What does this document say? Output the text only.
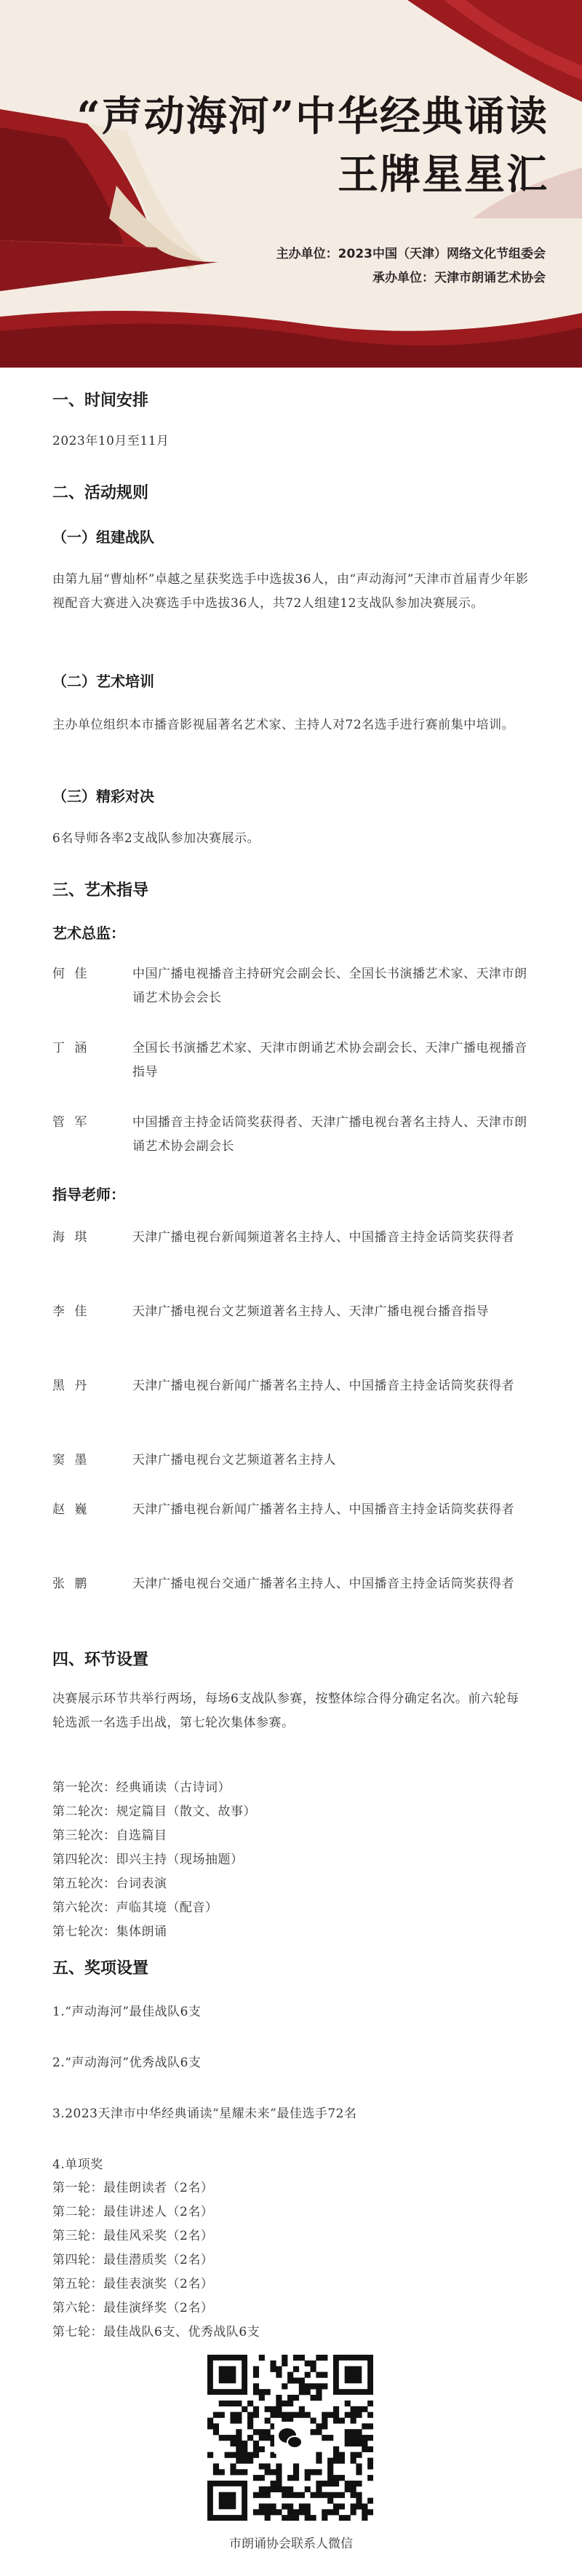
“声动海河”中华经典诵读
王牌星星汇
主办单位：2023中国（天津）网络文化节组委会
承办单位：天津市朗诵艺术协会

一、时间安排

2023年10月至11月

二、活动规则

（一）组建战队

由第九届“曹灿杯”卓越之星获奖选手中选拔36人，由“声动海河”天津市首届青少年影视配音大赛进入决赛选手中选拔36人，共72人组建12支战队参加决赛展示。

（二）艺术培训

主办单位组织本市播音影视届著名艺术家、主持人对72名选手进行赛前集中培训。

（三）精彩对决

6名导师各率2支战队参加决赛展示。

三、艺术指导

艺术总监：

何 佳	中国广播电视播音主持研究会副会长、全国长书演播艺术家、天津市朗诵艺术协会会长
丁 涵	全国长书演播艺术家、天津市朗诵艺术协会副会长、天津广播电视播音指导
管 军	中国播音主持金话筒奖获得者、天津广播电视台著名主持人、天津市朗诵艺术协会副会长

指导老师：

海 琪	天津广播电视台新闻频道著名主持人、中国播音主持金话筒奖获得者
李 佳	天津广播电视台文艺频道著名主持人、天津广播电视台播音指导
黑 丹	天津广播电视台新闻广播著名主持人、中国播音主持金话筒奖获得者
窦 墨	天津广播电视台文艺频道著名主持人
赵 巍	天津广播电视台新闻广播著名主持人、中国播音主持金话筒奖获得者
张 鹏	天津广播电视台交通广播著名主持人、中国播音主持金话筒奖获得者

四、环节设置

决赛展示环节共举行两场，每场6支战队参赛，按整体综合得分确定名次。前六轮每轮选派一名选手出战，第七轮次集体参赛。

第一轮次：经典诵读（古诗词）

第二轮次：规定篇目（散文、故事）

第三轮次：自选篇目

第四轮次：即兴主持（现场抽题）

第五轮次：台词表演

第六轮次：声临其境（配音）

第七轮次：集体朗诵

五、奖项设置

1.“声动海河”最佳战队6支

2.“声动海河”优秀战队6支

3.2023天津市中华经典诵读“星耀未来”最佳选手72名

4.单项奖

第一轮：最佳朗读者（2名）

第二轮：最佳讲述人（2名）

第三轮：最佳风采奖（2名）

第四轮：最佳潜质奖（2名）

第五轮：最佳表演奖（2名）

第六轮：最佳演绎奖（2名）

第七轮：最佳战队6支、优秀战队6支

市朗诵协会联系人微信
